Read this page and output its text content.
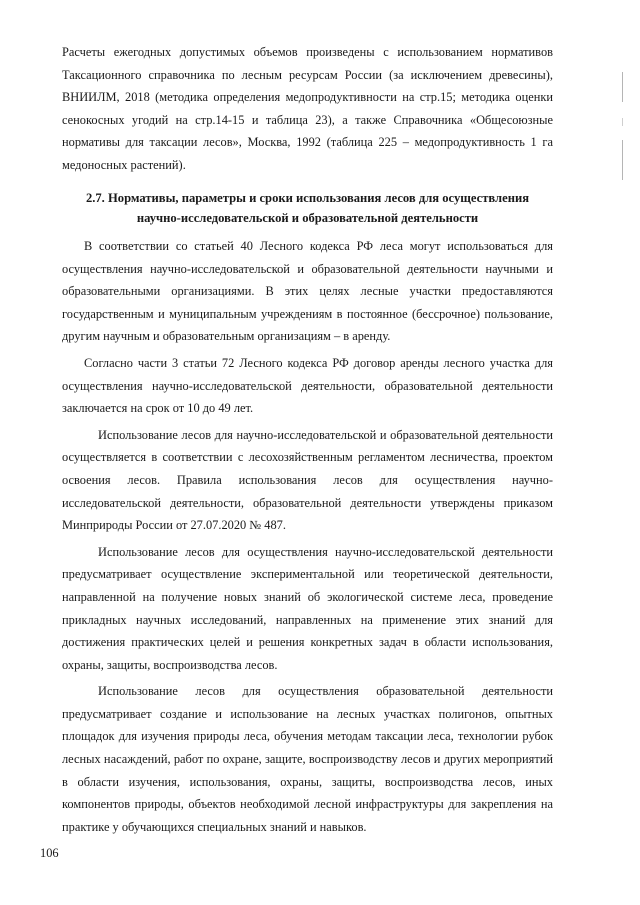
Расчеты ежегодных допустимых объемов произведены с использованием нормативов Таксационного справочника по лесным ресурсам России (за исключением древесины), ВНИИЛМ, 2018 (методика определения медопродуктивности на стр.15; методика оценки сенокосных угодий на стр.14-15 и таблица 23), а также Справочника «Общесоюзные нормативы для таксации лесов», Москва, 1992 (таблица 225 – медопродуктивность 1 га медоносных растений).

2.7. Нормативы, параметры и сроки использования лесов для осуществления
научно-исследовательской и образовательной деятельности

В соответствии со статьей 40 Лесного кодекса РФ леса могут использоваться для осуществления научно-исследовательской и образовательной деятельности научными и образовательными организациями. В этих целях лесные участки предоставляются государственным и муниципальным учреждениям в постоянное (бессрочное) пользование, другим научным и образовательным организациям – в аренду.

Согласно части 3 статьи 72 Лесного кодекса РФ договор аренды лесного участка для осуществления научно-исследовательской деятельности, образовательной деятельности заключается на срок от 10 до 49 лет.

Использование лесов для научно-исследовательской и образовательной деятельности осуществляется в соответствии с лесохозяйственным регламентом лесничества, проектом освоения лесов. Правила использования лесов для осуществления научно-исследовательской деятельности, образовательной деятельности утверждены приказом Минприроды России от 27.07.2020 № 487.

Использование лесов для осуществления научно-исследовательской деятельности предусматривает осуществление экспериментальной или теоретической деятельности, направленной на получение новых знаний об экологической системе леса, проведение прикладных научных исследований, направленных на применение этих знаний для достижения практических целей и решения конкретных задач в области использования, охраны, защиты, воспроизводства лесов.

Использование лесов для осуществления образовательной деятельности предусматривает создание и использование на лесных участках полигонов, опытных площадок для изучения природы леса, обучения методам таксации леса, технологии рубок лесных насаждений, работ по охране, защите, воспроизводству лесов и других мероприятий в области изучения, использования, охраны, защиты, воспроизводства лесов, иных компонентов природы, объектов необходимой лесной инфраструктуры для закрепления на практике у обучающихся специальных знаний и навыков.

106
